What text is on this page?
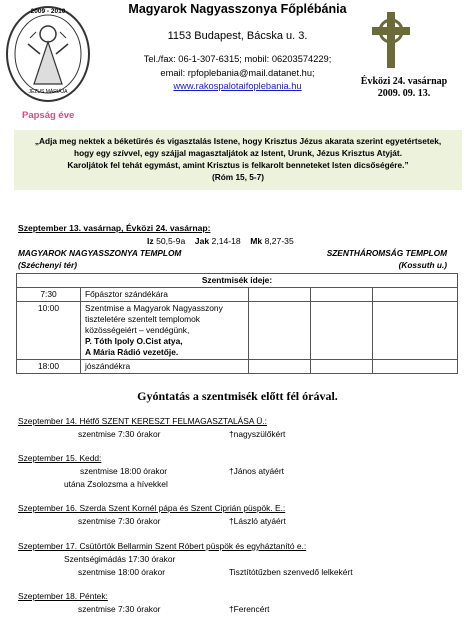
2009 - 2010
JÉZUS MÁRIÁJA
Magyarok Nagyasszonya Főplébánia
1153 Budapest, Bácska u. 3.
Tel./fax: 06-1-307-6315; mobil: 06203574229;
email: rpfoplebania@mail.datanet.hu;
www.rakospalotaifoplebania.hu	Évközi 24. vasárnap
2009. 09. 13.
Papság éve
„Adja meg nektek a béketűrés és vigasztalás Istene, hogy Krisztus Jézus akarata szerint egyetértsetek,
hogy egy szívvel, egy szájjal magasztaljátok az Istent, Urunk, Jézus Krisztus Atyját.
Karoljátok fel tehát egymást, amint Krisztus is felkarolt benneteket Isten dicsőségére.”
(Róm 15, 5-7)
Szeptember 13. vasárnap, Évközi 24. vasárnap:
Iz 50,5-9a Jak 2,14-18 Mk 8,27-35
MAGYAROK NAGYASSZONYA TEMPLOM
(Széchenyi tér)
SZENTHÁROMSÁG TEMPLOM
(Kossuth u.)
Szentmisék ideje:				
7:30	Főpásztor szándékára			
10:00	Szentmise a Magyarok Nagyasszony
tiszteletére szentelt templomok
közösségeiért – vendégünk,
P. Tóth Ipoly O.Cist atya,
A Mária Rádió vezetője.			

18:00	jószándékra			
Gyóntatás a szentmisék előtt fél órával.
Szeptember 14. Hétfő SZENT KERESZT FELMAGASZTALÁSA Ü.:
szentmise 7:30 órakor	†nagyszülőkért
Szeptember 15. Kedd:
szentmise 18:00 órakor	†János atyáért
utána Zsolozsma a hívekkel
Szeptember 16. Szerda Szent Kornél pápa és Szent Ciprián püspök. E.:
szentmise 7:30 órakor	†László atyáért
Szeptember 17. Csütörtök Bellarmin Szent Róbert püspök és egyháztanító e.:
Szentségimádás 17:30 órakor
szentmise 18:00 órakor	Tisztítótűzben szenvedő lelkekért
Szeptember 18. Péntek:
szentmise 7:30 órakor	†Ferencért
